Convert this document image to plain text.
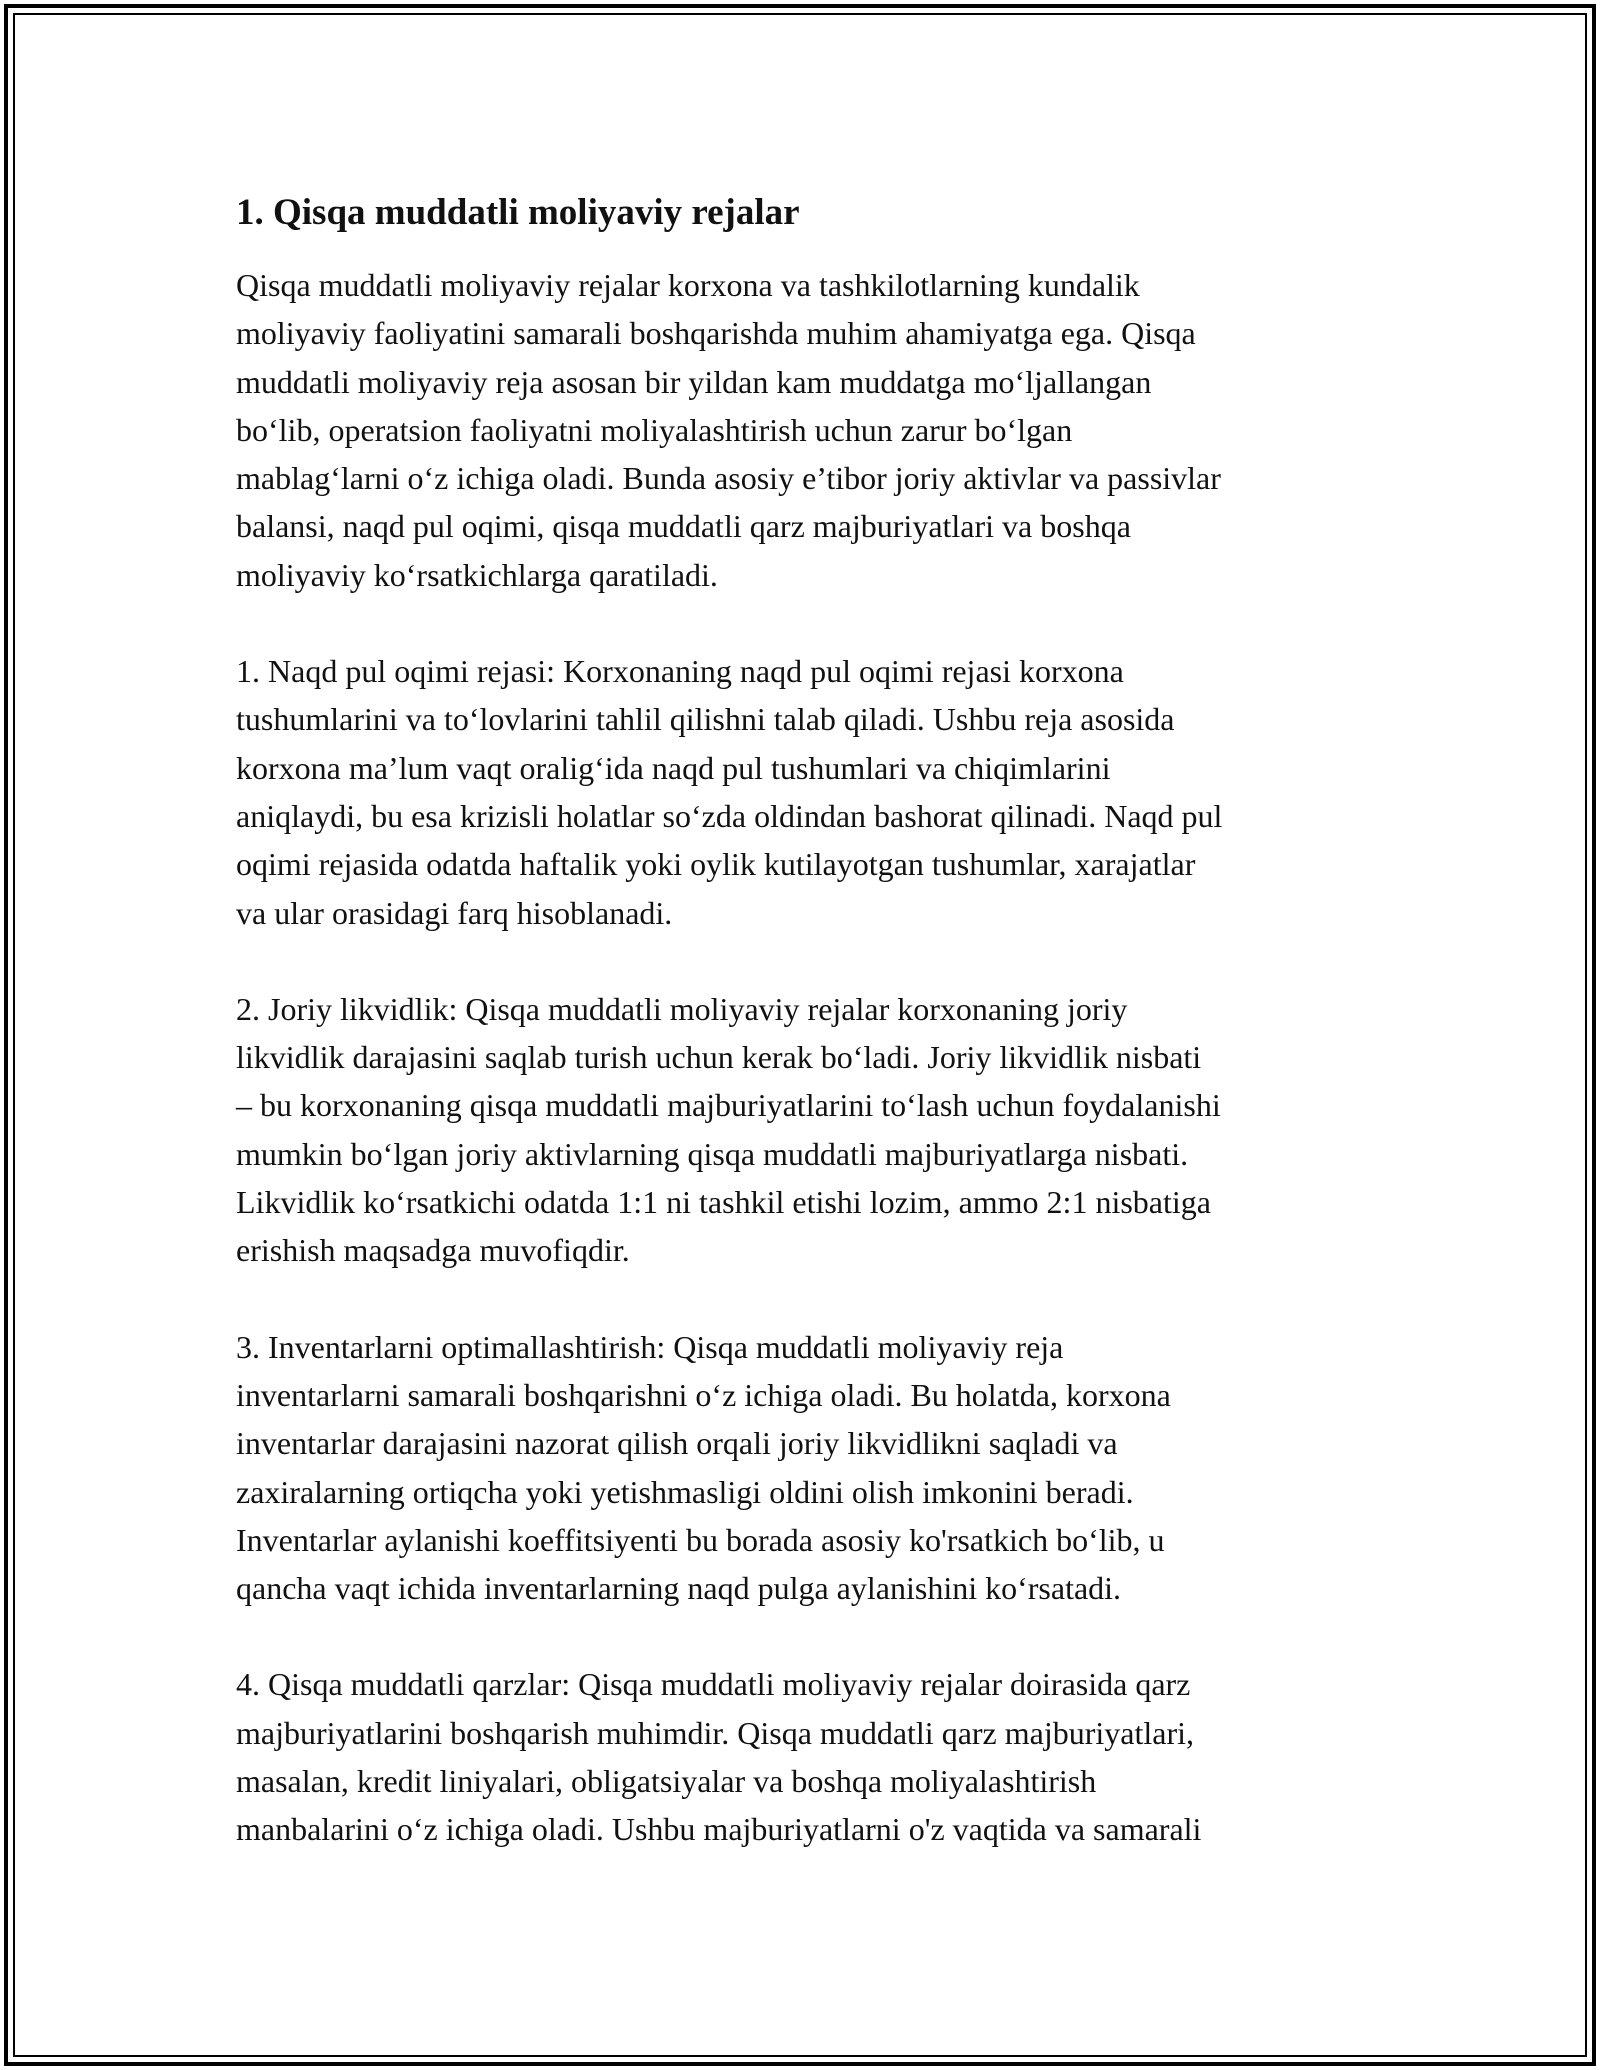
1. Qisqa muddatli moliyaviy rejalar

Qisqa muddatli moliyaviy rejalar korxona va tashkilotlarning kundalik
moliyaviy faoliyatini samarali boshqarishda muhim ahamiyatga ega. Qisqa
muddatli moliyaviy reja asosan bir yildan kam muddatga mo‘ljallangan
bo‘lib, operatsion faoliyatni moliyalashtirish uchun zarur bo‘lgan
mablag‘larni o‘z ichiga oladi. Bunda asosiy e’tibor joriy aktivlar va passivlar
balansi, naqd pul oqimi, qisqa muddatli qarz majburiyatlari va boshqa
moliyaviy ko‘rsatkichlarga qaratiladi.

1. Naqd pul oqimi rejasi: Korxonaning naqd pul oqimi rejasi korxona
tushumlarini va to‘lovlarini tahlil qilishni talab qiladi. Ushbu reja asosida
korxona ma’lum vaqt oralig‘ida naqd pul tushumlari va chiqimlarini
aniqlaydi, bu esa krizisli holatlar so‘zda oldindan bashorat qilinadi. Naqd pul
oqimi rejasida odatda haftalik yoki oylik kutilayotgan tushumlar, xarajatlar
va ular orasidagi farq hisoblanadi.

2. Joriy likvidlik: Qisqa muddatli moliyaviy rejalar korxonaning joriy
likvidlik darajasini saqlab turish uchun kerak bo‘ladi. Joriy likvidlik nisbati
– bu korxonaning qisqa muddatli majburiyatlarini to‘lash uchun foydalanishi
mumkin bo‘lgan joriy aktivlarning qisqa muddatli majburiyatlarga nisbati.
Likvidlik ko‘rsatkichi odatda 1:1 ni tashkil etishi lozim, ammo 2:1 nisbatiga
erishish maqsadga muvofiqdir.

3. Inventarlarni optimallashtirish: Qisqa muddatli moliyaviy reja
inventarlarni samarali boshqarishni o‘z ichiga oladi. Bu holatda, korxona
inventarlar darajasini nazorat qilish orqali joriy likvidlikni saqladi va
zaxiralarning ortiqcha yoki yetishmasligi oldini olish imkonini beradi.
Inventarlar aylanishi koeffitsiyenti bu borada asosiy ko'rsatkich bo‘lib, u
qancha vaqt ichida inventarlarning naqd pulga aylanishini ko‘rsatadi.

4. Qisqa muddatli qarzlar: Qisqa muddatli moliyaviy rejalar doirasida qarz
majburiyatlarini boshqarish muhimdir. Qisqa muddatli qarz majburiyatlari,
masalan, kredit liniyalari, obligatsiyalar va boshqa moliyalashtirish
manbalarini o‘z ichiga oladi. Ushbu majburiyatlarni o'z vaqtida va samarali
